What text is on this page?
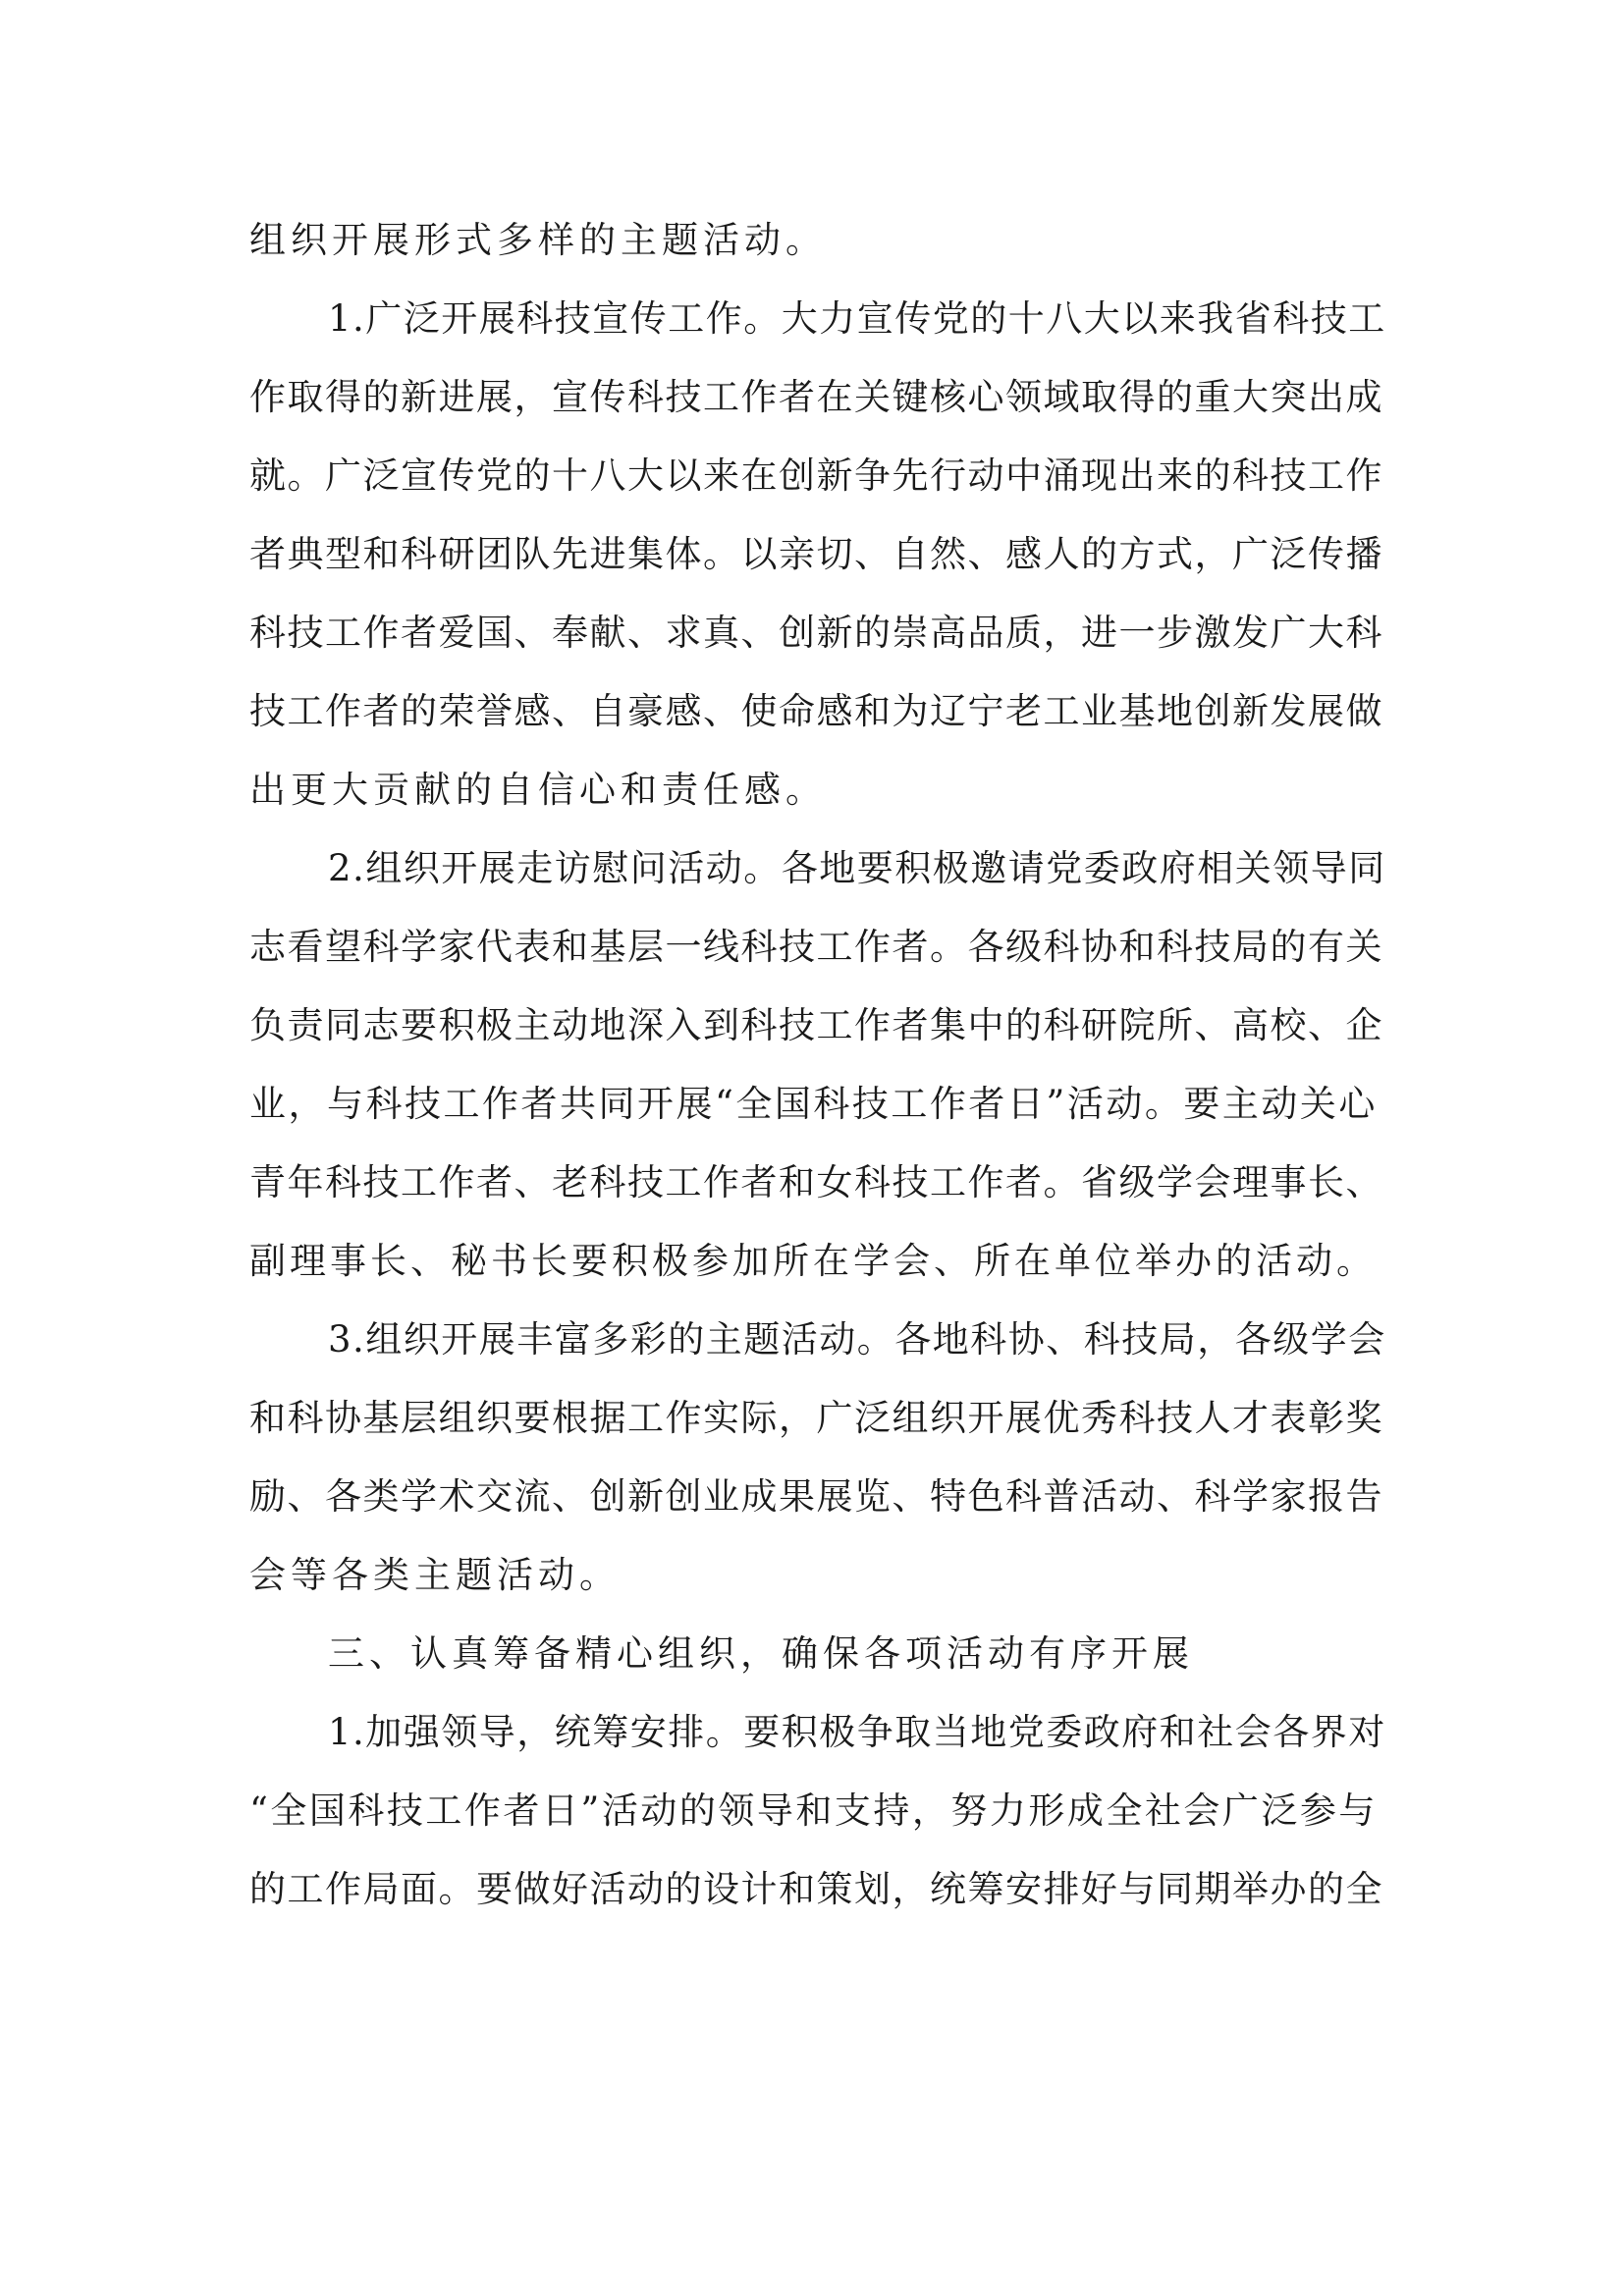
组织开展形式多样的主题活动。
1.广泛开展科技宣传工作。大力宣传党的十八大以来我省科技工
作取得的新进展，宣传科技工作者在关键核心领域取得的重大突出成
就。广泛宣传党的十八大以来在创新争先行动中涌现出来的科技工作
者典型和科研团队先进集体。以亲切、自然、感人的方式，广泛传播
科技工作者爱国、奉献、求真、创新的崇高品质，进一步激发广大科
技工作者的荣誉感、自豪感、使命感和为辽宁老工业基地创新发展做
出更大贡献的自信心和责任感。
2.组织开展走访慰问活动。各地要积极邀请党委政府相关领导同
志看望科学家代表和基层一线科技工作者。各级科协和科技局的有关
负责同志要积极主动地深入到科技工作者集中的科研院所、高校、企
业，与科技工作者共同开展“全国科技工作者日”活动。要主动关心
青年科技工作者、老科技工作者和女科技工作者。省级学会理事长、
副理事长、秘书长要积极参加所在学会、所在单位举办的活动。
3.组织开展丰富多彩的主题活动。各地科协、科技局，各级学会
和科协基层组织要根据工作实际，广泛组织开展优秀科技人才表彰奖
励、各类学术交流、创新创业成果展览、特色科普活动、科学家报告
会等各类主题活动。
三、认真筹备精心组织，确保各项活动有序开展
1.加强领导，统筹安排。要积极争取当地党委政府和社会各界对
“全国科技工作者日”活动的领导和支持，努力形成全社会广泛参与
的工作局面。要做好活动的设计和策划，统筹安排好与同期举办的全
